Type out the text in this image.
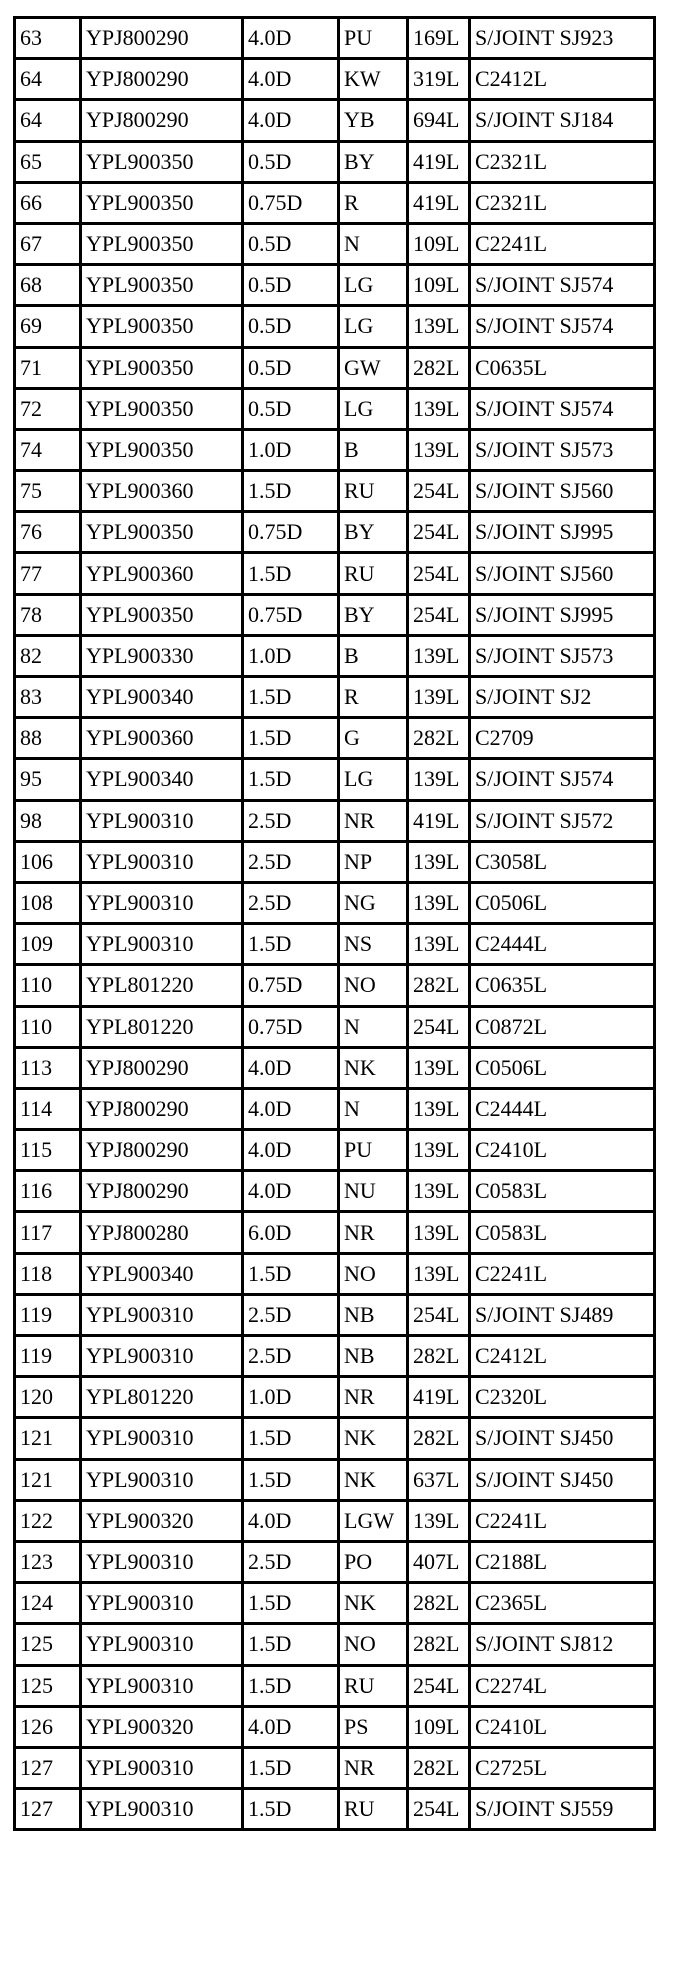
63	YPJ800290	4.0D	PU	169L	S/JOINT SJ923
64	YPJ800290	4.0D	KW	319L	C2412L
64	YPJ800290	4.0D	YB	694L	S/JOINT SJ184
65	YPL900350	0.5D	BY	419L	C2321L
66	YPL900350	0.75D	R	419L	C2321L
67	YPL900350	0.5D	N	109L	C2241L
68	YPL900350	0.5D	LG	109L	S/JOINT SJ574
69	YPL900350	0.5D	LG	139L	S/JOINT SJ574
71	YPL900350	0.5D	GW	282L	C0635L
72	YPL900350	0.5D	LG	139L	S/JOINT SJ574
74	YPL900350	1.0D	B	139L	S/JOINT SJ573
75	YPL900360	1.5D	RU	254L	S/JOINT SJ560
76	YPL900350	0.75D	BY	254L	S/JOINT SJ995
77	YPL900360	1.5D	RU	254L	S/JOINT SJ560
78	YPL900350	0.75D	BY	254L	S/JOINT SJ995
82	YPL900330	1.0D	B	139L	S/JOINT SJ573
83	YPL900340	1.5D	R	139L	S/JOINT SJ2
88	YPL900360	1.5D	G	282L	C2709
95	YPL900340	1.5D	LG	139L	S/JOINT SJ574
98	YPL900310	2.5D	NR	419L	S/JOINT SJ572
106	YPL900310	2.5D	NP	139L	C3058L
108	YPL900310	2.5D	NG	139L	C0506L
109	YPL900310	1.5D	NS	139L	C2444L
110	YPL801220	0.75D	NO	282L	C0635L
110	YPL801220	0.75D	N	254L	C0872L
113	YPJ800290	4.0D	NK	139L	C0506L
114	YPJ800290	4.0D	N	139L	C2444L
115	YPJ800290	4.0D	PU	139L	C2410L
116	YPJ800290	4.0D	NU	139L	C0583L
117	YPJ800280	6.0D	NR	139L	C0583L
118	YPL900340	1.5D	NO	139L	C2241L
119	YPL900310	2.5D	NB	254L	S/JOINT SJ489
119	YPL900310	2.5D	NB	282L	C2412L
120	YPL801220	1.0D	NR	419L	C2320L
121	YPL900310	1.5D	NK	282L	S/JOINT SJ450
121	YPL900310	1.5D	NK	637L	S/JOINT SJ450
122	YPL900320	4.0D	LGW	139L	C2241L
123	YPL900310	2.5D	PO	407L	C2188L
124	YPL900310	1.5D	NK	282L	C2365L
125	YPL900310	1.5D	NO	282L	S/JOINT SJ812
125	YPL900310	1.5D	RU	254L	C2274L
126	YPL900320	4.0D	PS	109L	C2410L
127	YPL900310	1.5D	NR	282L	C2725L
127	YPL900310	1.5D	RU	254L	S/JOINT SJ559
